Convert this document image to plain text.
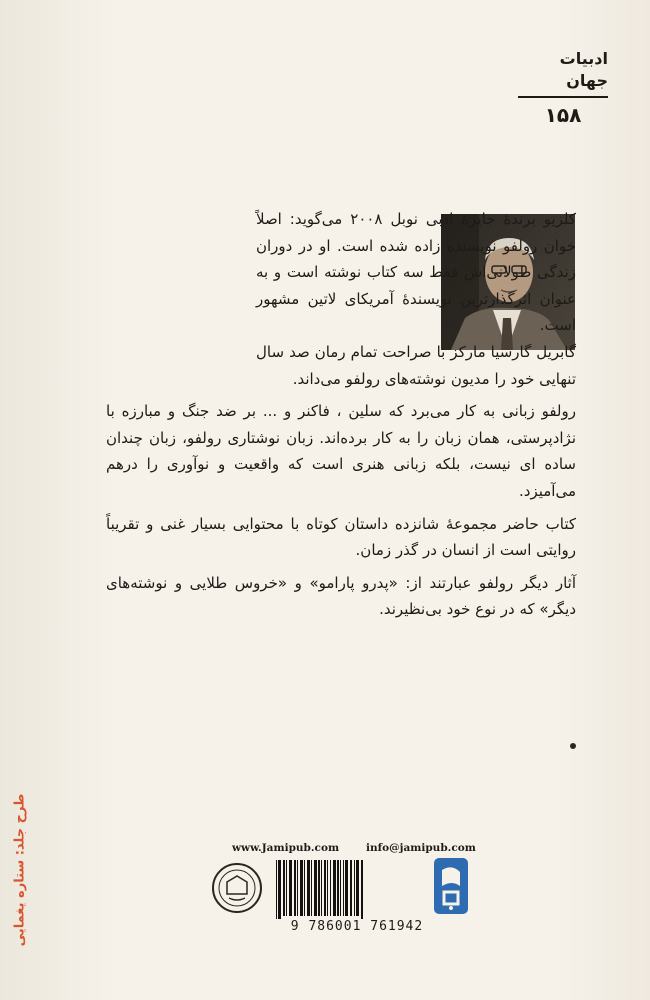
ادبیات جهان
۱۵۸

کلزیو برندهٔ جایزهٔ ادبی نوبل ۲۰۰۸ می‌گوید: اصلاً خوان رولفو نویسنده زاده شده است. او در دوران زندگی طولانی‌اش فقط سه کتاب نوشته است و به عنوان اثرگذارترین نویسندهٔ آمریکای لاتین مشهور است.

گابریل گارسیا مارکز با صراحت تمام رمان صد سال تنهایی خود را مدیون نوشته‌های رولفو می‌داند.

رولفو زبانی به کار می‌برد که سلین ، فاکنر و ... بر ضد جنگ و مبارزه با نژادپرستی، همان زبان را به کار برده‌اند. زبان نوشتاری رولفو، زبان چندان ساده ای نیست، بلکه زبانی هنری است که واقعیت و نوآوری را درهم می‌آمیزد.

کتاب حاضر مجموعهٔ شانزده داستان کوتاه با محتوایی بسیار غنی و تقریباً روایتی است از انسان در گذر زمان.

آثار دیگر رولفو عبارتند از: «پدرو پارامو» و «خروس طلایی و نوشته‌های دیگر» که در نوع خود بی‌نظیرند.

طرح جلد: ستاره یغمایی	www.Jamipub.com	info@jamipub.com
9 786001 761942
